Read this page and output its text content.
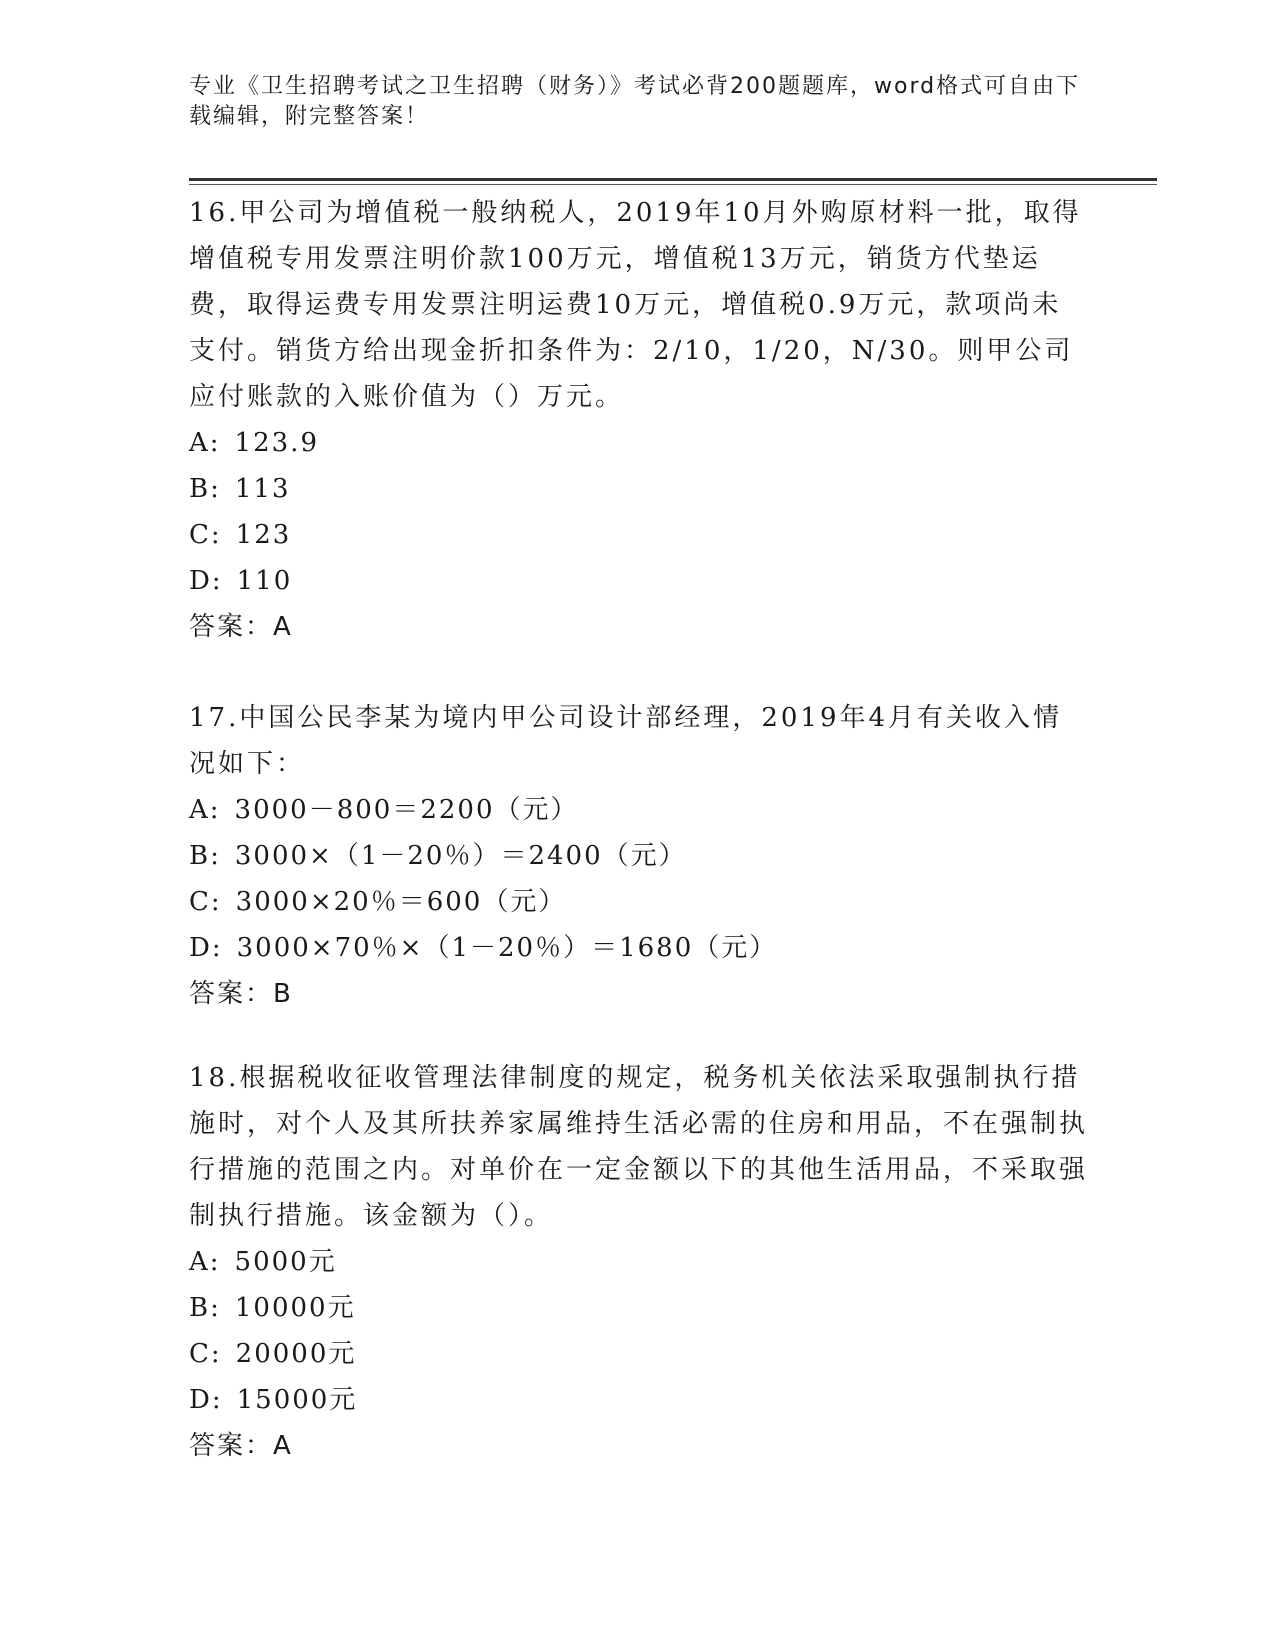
专业《卫生招聘考试之卫生招聘（财务）》考试必背200题题库，word格式可自由下载编辑，附完整答案！
16.甲公司为增值税一般纳税人，2019年10月外购原材料一批，取得增值税专用发票注明价款100万元，增值税13万元，销货方代垫运费，取得运费专用发票注明运费10万元，增值税0.9万元，款项尚未支付。销货方给出现金折扣条件为：2/10，1/20，N/30。则甲公司应付账款的入账价值为（）万元。
A: 123.9
B: 113
C: 123
D: 110
答案：A
17.中国公民李某为境内甲公司设计部经理，2019年4月有关收入情况如下：
A: 3000－800＝2200（元）
B: 3000×（1－20％）＝2400（元）
C: 3000×20％＝600（元）
D: 3000×70％×（1－20％）＝1680（元）
答案：B
18.根据税收征收管理法律制度的规定，税务机关依法采取强制执行措施时，对个人及其所扶养家属维持生活必需的住房和用品，不在强制执行措施的范围之内。对单价在一定金额以下的其他生活用品，不采取强制执行措施。该金额为（）。
A: 5000元
B: 10000元
C: 20000元
D: 15000元
答案：A
